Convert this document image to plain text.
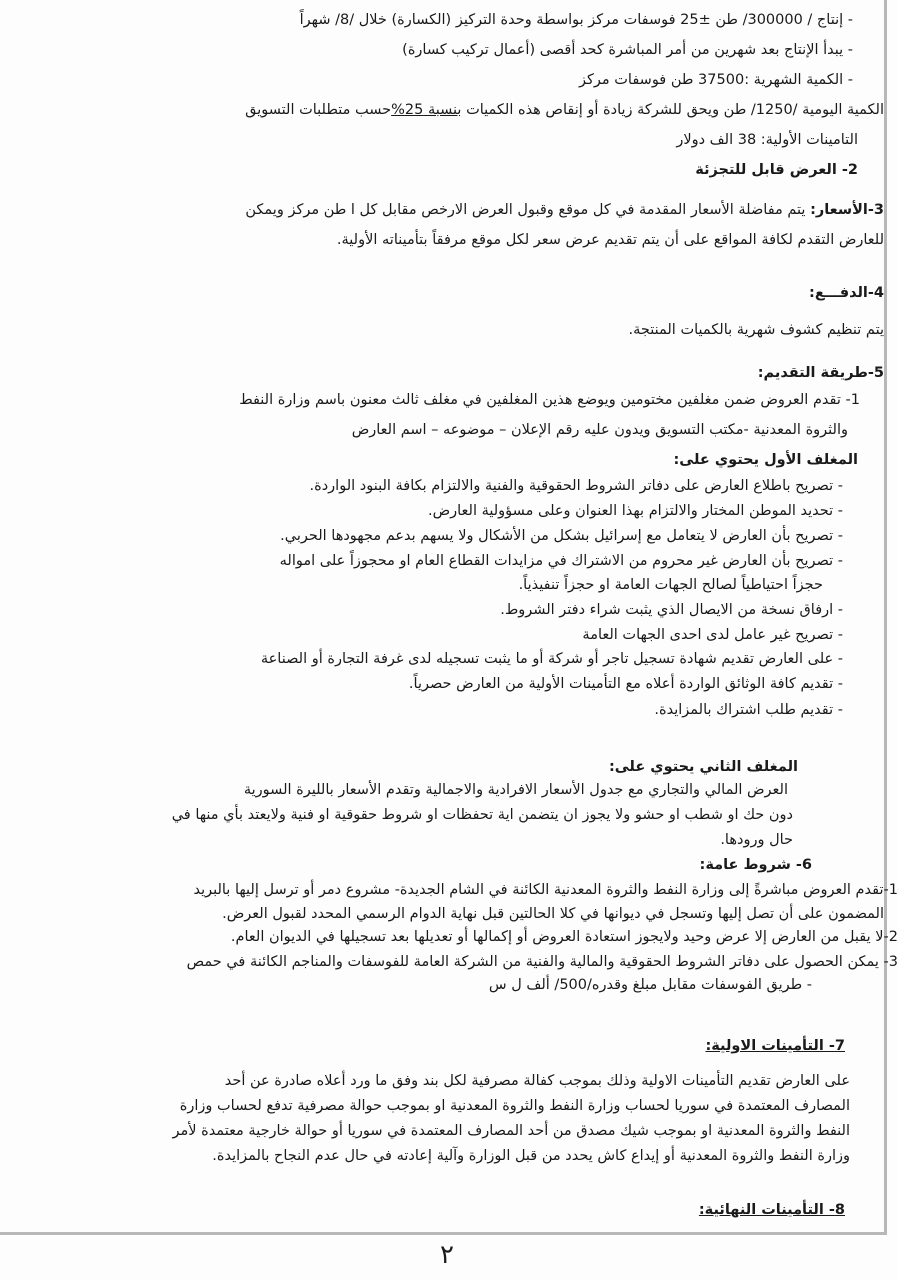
- إنتاج / 300000/ طن ±25 فوسفات مركز بواسطة وحدة التركيز (الكسارة) خلال /8/ شهراً
- يبدأ الإنتاج بعد شهرين من أمر المباشرة كحد أقصى (أعمال تركيب كسارة)
- الكمية الشهرية :37500 طن فوسفات مركز
الكمية اليومية /1250/ طن ويحق للشركة زيادة أو إنقاص هذه الكميات بنسبة 25%حسب متطلبات التسويق
التامينات الأولية: 38 الف دولار
2- العرض قابل للتجزئة
3-الأسعار: يتم مفاضلة الأسعار المقدمة في كل موقع وقبول العرض الارخص مقابل كل ا طن مركز ويمكن
للعارض التقدم لكافة المواقع على أن يتم تقديم عرض سعر لكل موقع مرفقاً بتأميناته الأولية.
4-الدفـــع:
يتم تنظيم كشوف شهرية بالكميات المنتجة.
5-طريقة التقديم:
1- تقدم العروض ضمن مغلفين مختومين ويوضع هذين المغلفين في مغلف ثالث معنون باسم وزارة النفط
والثروة المعدنية -مكتب التسويق ويدون عليه رقم الإعلان – موضوعه – اسم العارض
المغلف الأول يحتوي على:
- تصريح باطلاع العارض على دفاتر الشروط الحقوقية والفنية والالتزام بكافة البنود الواردة.
- تحديد الموطن المختار والالتزام بهذا العنوان وعلى مسؤولية العارض.
- تصريح بأن العارض لا يتعامل مع إسرائيل بشكل من الأشكال ولا يسهم بدعم مجهودها الحربي.
- تصريح بأن العارض غير محروم من الاشتراك في مزايدات القطاع العام او محجوزاً على امواله
حجزاً احتياطياً لصالح الجهات العامة او حجزاً تنفيذياً.
- ارفاق نسخة من الايصال الذي يثبت شراء دفتر الشروط.
- تصريح غير عامل لدى احدى الجهات العامة
- على العارض تقديم شهادة تسجيل تاجر أو شركة أو ما يثبت تسجيله لدى غرفة التجارة أو الصناعة
- تقديم كافة الوثائق الواردة أعلاه مع التأمينات الأولية من العارض حصرياً.
- تقديم طلب اشتراك بالمزايدة.
المغلف الثاني يحتوي على:
العرض المالي والتجاري مع جدول الأسعار الافرادية والاجمالية وتقدم الأسعار بالليرة السورية
دون حك او شطب او حشو ولا يجوز ان يتضمن اية تحفظات او شروط حقوقية او فنية ولايعتد بأي منها في
حال ورودها.
6- شروط عامة:
1-تقدم العروض مباشرةً إلى وزارة النفط والثروة المعدنية الكائنة في الشام الجديدة- مشروع دمر أو ترسل إليها بالبريد
المضمون على أن تصل إليها وتسجل في ديوانها في كلا الحالتين قبل نهاية الدوام الرسمي المحدد لقبول العرض.
2-لا يقبل من العارض إلا عرض وحيد ولايجوز استعادة العروض أو إكمالها أو تعديلها بعد تسجيلها في الديوان العام.
3- يمكن الحصول على دفاتر الشروط الحقوقية والمالية والفنية من الشركة العامة للفوسفات والمناجم الكائنة في حمص
- طريق الفوسفات مقابل مبلغ وقدره/500/ ألف ل س
7- التأمينات الاولية:
على العارض تقديم التأمينات الاولية وذلك بموجب كفالة مصرفية لكل بند وفق ما ورد أعلاه صادرة عن أحد
المصارف المعتمدة في سوريا لحساب وزارة النفط والثروة المعدنية او بموجب حوالة مصرفية تدفع لحساب وزارة
النفط والثروة المعدنية او بموجب شيك مصدق من أحد المصارف المعتمدة في سوريا أو حوالة خارجية معتمدة لأمر
وزارة النفط والثروة المعدنية أو إيداع كاش يحدد من قبل الوزارة وآلية إعادته في حال عدم النجاح بالمزايدة.
8- التأمينات النهائية:
٢
